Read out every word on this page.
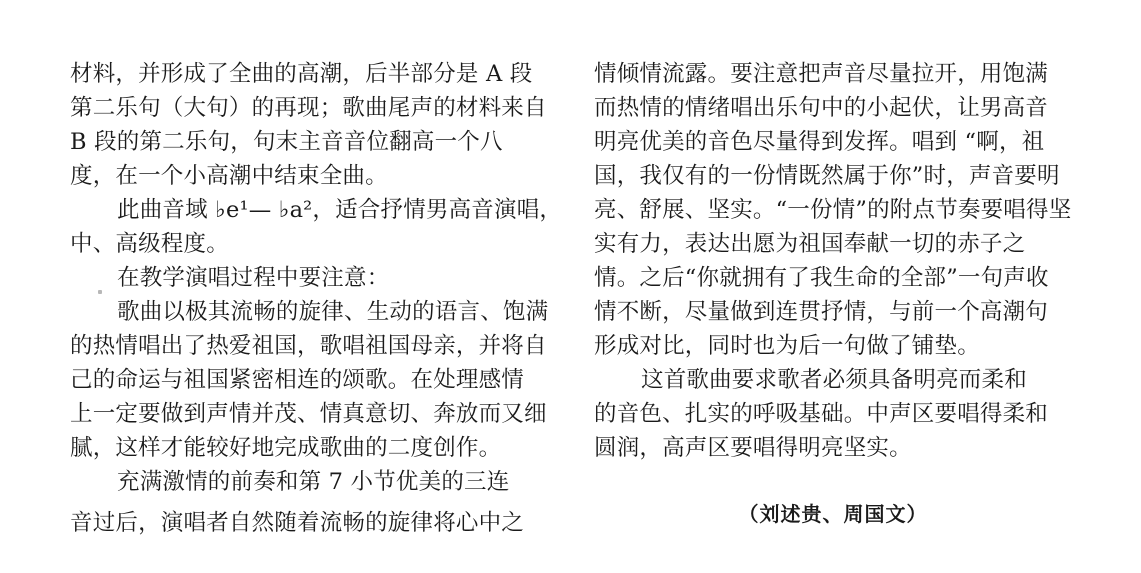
材料，并形成了全曲的高潮，后半部分是 A 段
第二乐句（大句）的再现；歌曲尾声的材料来自
B 段的第二乐句，句末主音音位翻高一个八
度，在一个小高潮中结束全曲。
此曲音域 ♭e¹— ♭a²，适合抒情男高音演唱，
中、高级程度。
在教学演唱过程中要注意：
歌曲以极其流畅的旋律、生动的语言、饱满
的热情唱出了热爱祖国，歌唱祖国母亲，并将自
己的命运与祖国紧密相连的颂歌。在处理感情
上一定要做到声情并茂、情真意切、奔放而又细
腻，这样才能较好地完成歌曲的二度创作。
充满激情的前奏和第 7 小节优美的三连
音过后，演唱者自然随着流畅的旋律将心中之
情倾情流露。要注意把声音尽量拉开，用饱满
而热情的情绪唱出乐句中的小起伏，让男高音
明亮优美的音色尽量得到发挥。唱到 “啊，祖
国，我仅有的一份情既然属于你”时，声音要明
亮、舒展、坚实。“一份情”的附点节奏要唱得坚
实有力，表达出愿为祖国奉献一切的赤子之
情。之后“你就拥有了我生命的全部”一句声收
情不断，尽量做到连贯抒情，与前一个高潮句
形成对比，同时也为后一句做了铺垫。
这首歌曲要求歌者必须具备明亮而柔和
的音色、扎实的呼吸基础。中声区要唱得柔和
圆润，高声区要唱得明亮坚实。
（刘述贵、周国文）
